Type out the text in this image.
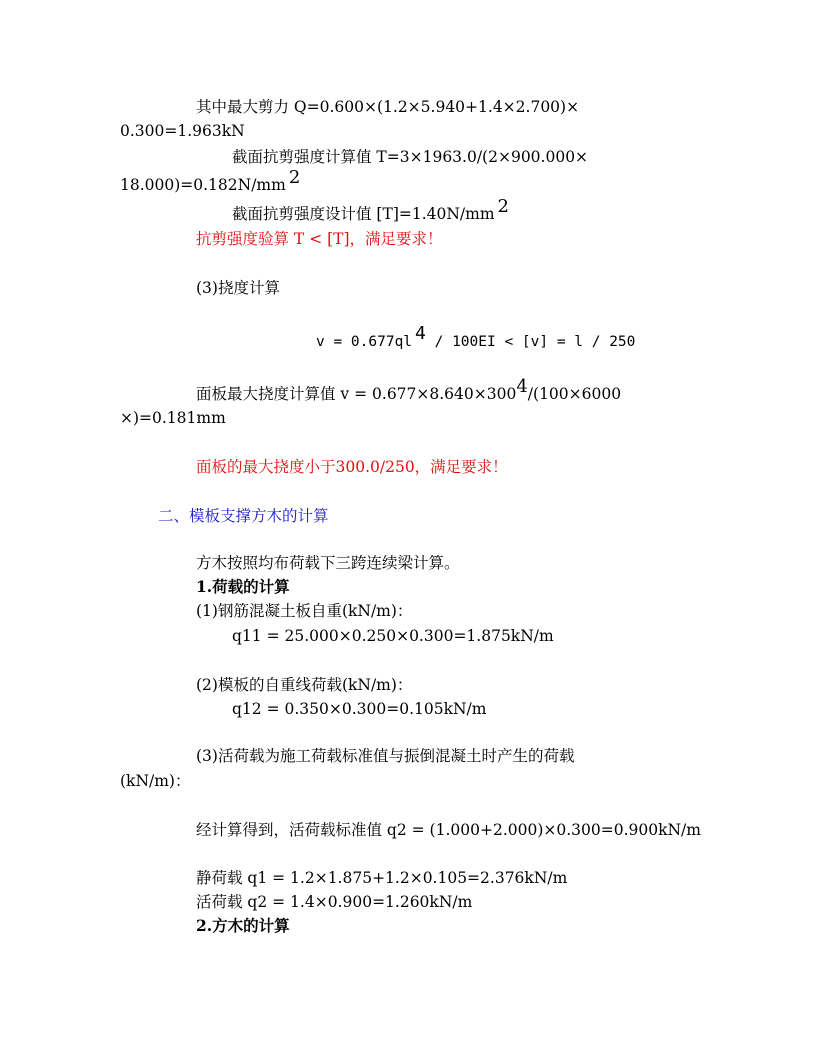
其中最大剪力 Q=0.600×(1.2×5.940+1.4×2.700)×
0.300=1.963kN
截面抗剪强度计算值 T=3×1963.0/(2×900.000×
18.000)=0.182N/mm 2
截面抗剪强度设计值 [T]=1.40N/mm 2
抗剪强度验算 T < [T]，满足要求！
(3)挠度计算
v = 0.677ql 4 / 100EI < [v] = l / 250
面板最大挠度计算值 v = 0.677×8.640×3004/(100×6000
×)=0.181mm
面板的最大挠度小于300.0/250，满足要求！
二、模板支撑方木的计算
方木按照均布荷载下三跨连续梁计算。
1.荷载的计算
(1)钢筋混凝土板自重(kN/m)：
q11 = 25.000×0.250×0.300=1.875kN/m
(2)模板的自重线荷载(kN/m)：
q12 = 0.350×0.300=0.105kN/m
(3)活荷载为施工荷载标准值与振倒混凝土时产生的荷载
(kN/m)：
经计算得到，活荷载标准值 q2 = (1.000+2.000)×0.300=0.900kN/m
静荷载 q1 = 1.2×1.875+1.2×0.105=2.376kN/m
活荷载 q2 = 1.4×0.900=1.260kN/m
2.方木的计算
